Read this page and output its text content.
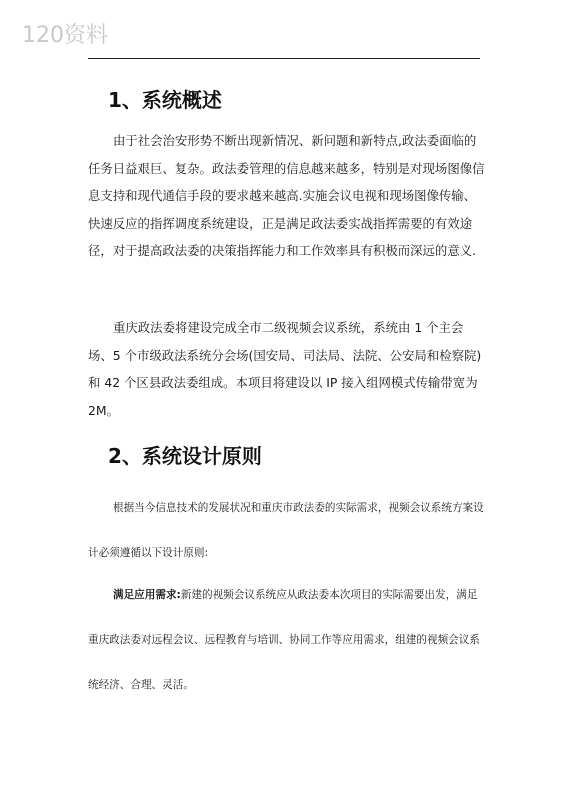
120资料
1、系统概述

由于社会治安形势不断出现新情况、新问题和新特点,政法委面临的任务日益艰巨、复杂。政法委管理的信息越来越多，特别是对现场图像信息支持和现代通信手段的要求越来越高.实施会议电视和现场图像传输、快速反应的指挥调度系统建设，正是满足政法委实战指挥需要的有效途径，对于提高政法委的决策指挥能力和工作效率具有积极而深远的意义.

重庆政法委将建设完成全市二级视频会议系统，系统由 1 个主会场、5 个市级政法系统分会场(国安局、司法局、法院、公安局和检察院)和 42 个区县政法委组成。本项目将建设以 IP 接入组网模式传输带宽为 2M。

2、系统设计原则

根据当今信息技术的发展状况和重庆市政法委的实际需求，视频会议系统方案设计必须遵循以下设计原则:

满足应用需求:新建的视频会议系统应从政法委本次项目的实际需要出发，满足重庆政法委对远程会议、远程教育与培训、协同工作等应用需求，组建的视频会议系统经济、合理、灵活。
